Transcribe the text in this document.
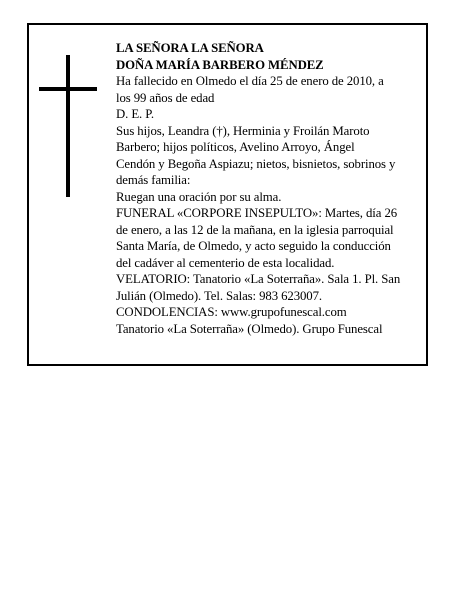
LA SEÑORA LA SEÑORA

DOÑA MARÍA BARBERO MÉNDEZ

Ha fallecido en Olmedo el día 25 de enero de 2010, a
los 99 años de edad

D. E. P.

Sus hijos, Leandra (†), Herminia y Froilán Maroto
Barbero; hijos políticos, Avelino Arroyo, Ángel
Cendón y Begoña Aspiazu; nietos, bisnietos, sobrinos y
demás familia:

Ruegan una oración por su alma.

FUNERAL «CORPORE INSEPULTO»: Martes, día 26
de enero, a las 12 de la mañana, en la iglesia parroquial
Santa María, de Olmedo, y acto seguido la conducción
del cadáver al cementerio de esta localidad.

VELATORIO: Tanatorio «La Soterraña». Sala 1. Pl. San
Julián (Olmedo). Tel. Salas: 983 623007.

CONDOLENCIAS: www.grupofunescal.com

Tanatorio «La Soterraña» (Olmedo). Grupo Funescal
